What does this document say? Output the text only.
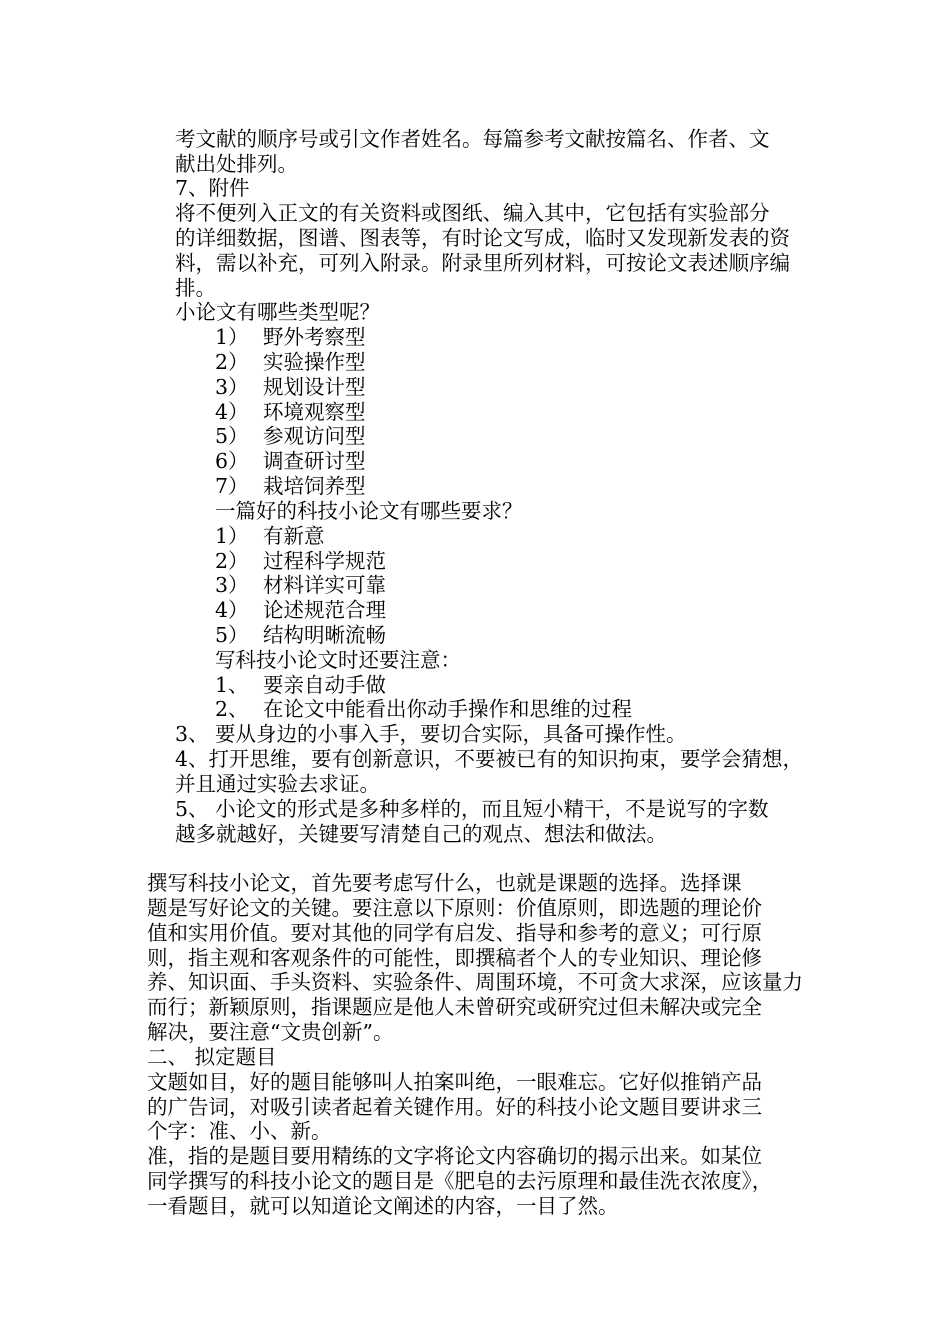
考文献的顺序号或引文作者姓名。每篇参考文献按篇名、作者、文
献出处排列。
7、附件
将不便列入正文的有关资料或图纸、编入其中，它包括有实验部分
的详细数据，图谱、图表等，有时论文写成，临时又发现新发表的资
料，需以补充，可列入附录。附录里所列材料，可按论文表述顺序编
排。
小论文有哪些类型呢？
1） 野外考察型
2） 实验操作型
3） 规划设计型
4） 环境观察型
5） 参观访问型
6） 调查研讨型
7） 栽培饲养型
一篇好的科技小论文有哪些要求？
1） 有新意
2） 过程科学规范
3） 材料详实可靠
4） 论述规范合理
5） 结构明晰流畅
写科技小论文时还要注意：
1、 要亲自动手做
2、 在论文中能看出你动手操作和思维的过程
3、 要从身边的小事入手，要切合实际，具备可操作性。
4、打开思维，要有创新意识，不要被已有的知识拘束，要学会猜想，
并且通过实验去求证。
5、 小论文的形式是多种多样的，而且短小精干，不是说写的字数
越多就越好，关键要写清楚自己的观点、想法和做法。
撰写科技小论文，首先要考虑写什么，也就是课题的选择。选择课
题是写好论文的关键。要注意以下原则：价值原则，即选题的理论价
值和实用价值。要对其他的同学有启发、指导和参考的意义；可行原
则，指主观和客观条件的可能性，即撰稿者个人的专业知识、理论修
养、知识面、手头资料、实验条件、周围环境，不可贪大求深，应该量力
而行；新颖原则，指课题应是他人未曾研究或研究过但未解决或完全
解决，要注意“文贵创新”。
二、 拟定题目
文题如目，好的题目能够叫人拍案叫绝，一眼难忘。它好似推销产品
的广告词，对吸引读者起着关键作用。好的科技小论文题目要讲求三
个字：准、小、新。
准，指的是题目要用精练的文字将论文内容确切的揭示出来。如某位
同学撰写的科技小论文的题目是《肥皂的去污原理和最佳洗衣浓度》，
一看题目，就可以知道论文阐述的内容，一目了然。
